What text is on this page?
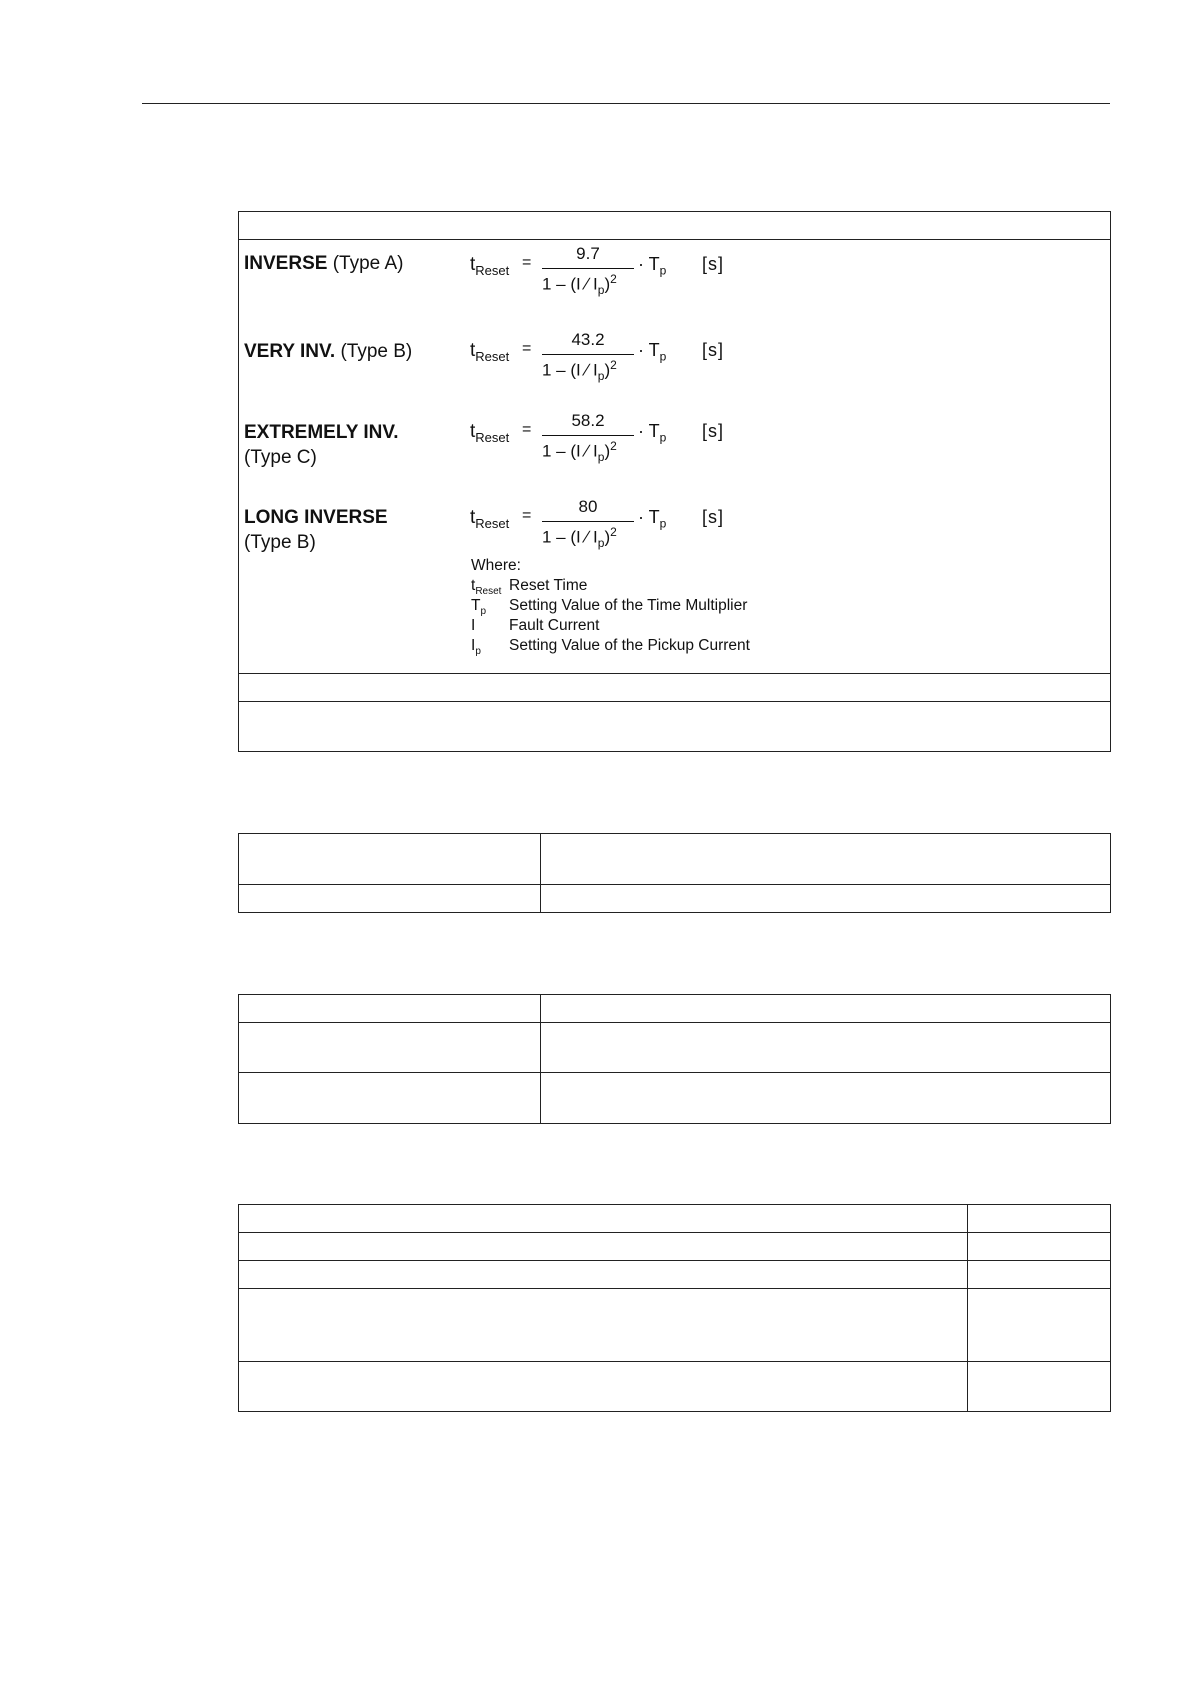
INVERSE (Type A)	$t_{Reset}$ =	9.7
1 – (I ∕ $I_p)^2$
· $T_p$ [s]
VERY INV. (Type B)	$t_{Reset}$ =	43.2
1 – (I ∕ $I_p)^2$
· $T_p$ [s]
EXTREMELY INV.
(Type C)
$t_{Reset}$ =	58.2
1 – (I ∕ $I_p)^2$
· $T_p$ [s]
LONG INVERSE
(Type B)
$t_{Reset}$ =	80
1 – (I ∕ $I_p)^2$
· $T_p$ [s]
Where:
$t_{Reset}$ Reset Time
$T_p$ Setting Value of the Time Multiplier
I Fault Current
$I_p$ Setting Value of the Pickup Current
